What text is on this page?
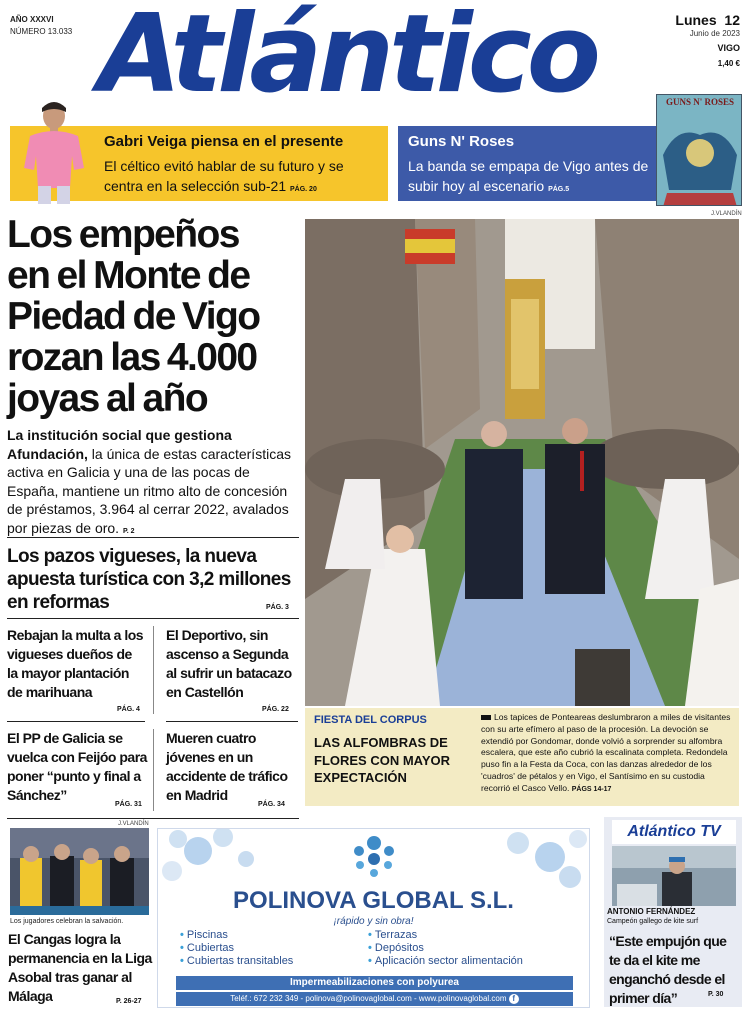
AÑO XXXVI
NÚMERO 13.033 Atlántico	Lunes 12
Junio de 2023
VIGO
1,40 €
Gabri Veiga piensa en el presente
El céltico evitó hablar de su futuro y se centra en la selección sub-21 PÁG. 20
Guns N' Roses
La banda se empapa de Vigo antes de subir hoy al escenario PÁG.5
GUNS N' ROSES
Los empeños
en el Monte de
Piedad de Vigo
rozan las 4.000
joyas al año
La institución social que gestiona Afundación, la única de estas características activa en Galicia y una de las pocas de España, mantiene un ritmo alto de concesión de préstamos, 3.964 al cerrar 2022, avalados por piezas de oro. P. 2
Los pazos vigueses, la nueva apuesta turística con 3,2 millones en reformas	PÁG. 3
Rebajan la multa a los vigueses dueños de la mayor plantación de marihuana
PÁG. 4
El Deportivo, sin ascenso a Segunda al sufrir un batacazo en Castellón
PÁG. 22
El PP de Galicia se vuelca con Feijóo para poner “punto y final a Sánchez”
PÁG. 31
Mueren cuatro jóvenes en un accidente de tráfico en Madrid
PÁG. 34
J.VLANDÍN
FIESTA DEL CORPUS
LAS ALFOMBRAS DE FLORES CON MAYOR EXPECTACIÓN
Los tapices de Ponteareas deslumbraron a miles de visitantes con su arte efímero al paso de la procesión. La devoción se extendió por Gondomar, donde volvió a sorprender su alfombra escalera, que este año cubrió la escalinata completa. Redondela puso fin a la Festa da Coca, con las danzas alrededor de los 'cuadros' de pétalos y en Vigo, el Santísimo en su custodia recorrió el Casco Vello. PÁGS 14-17
J.VLANDÍN
Los jugadores celebran la salvación.
El Cangas logra la permanencia en la Liga Asobal tras ganar al Málaga	P. 26-27
POLINOVA GLOBAL S.L.
¡rápido y sin obra!
• Piscinas
• Cubiertas
• Cubiertas transitables
• Terrazas
• Depósitos
• Aplicación sector alimentación
Impermeabilizaciones con polyurea
Teléf.: 672 232 349 - polinova@polinovaglobal.com - www.polinovaglobal.com f
Atlántico TV
ANTONIO FERNÁNDEZ
Campeón gallego de kite surf
“Este empujón que te da el kite me enganchó desde el primer día”	P. 30
